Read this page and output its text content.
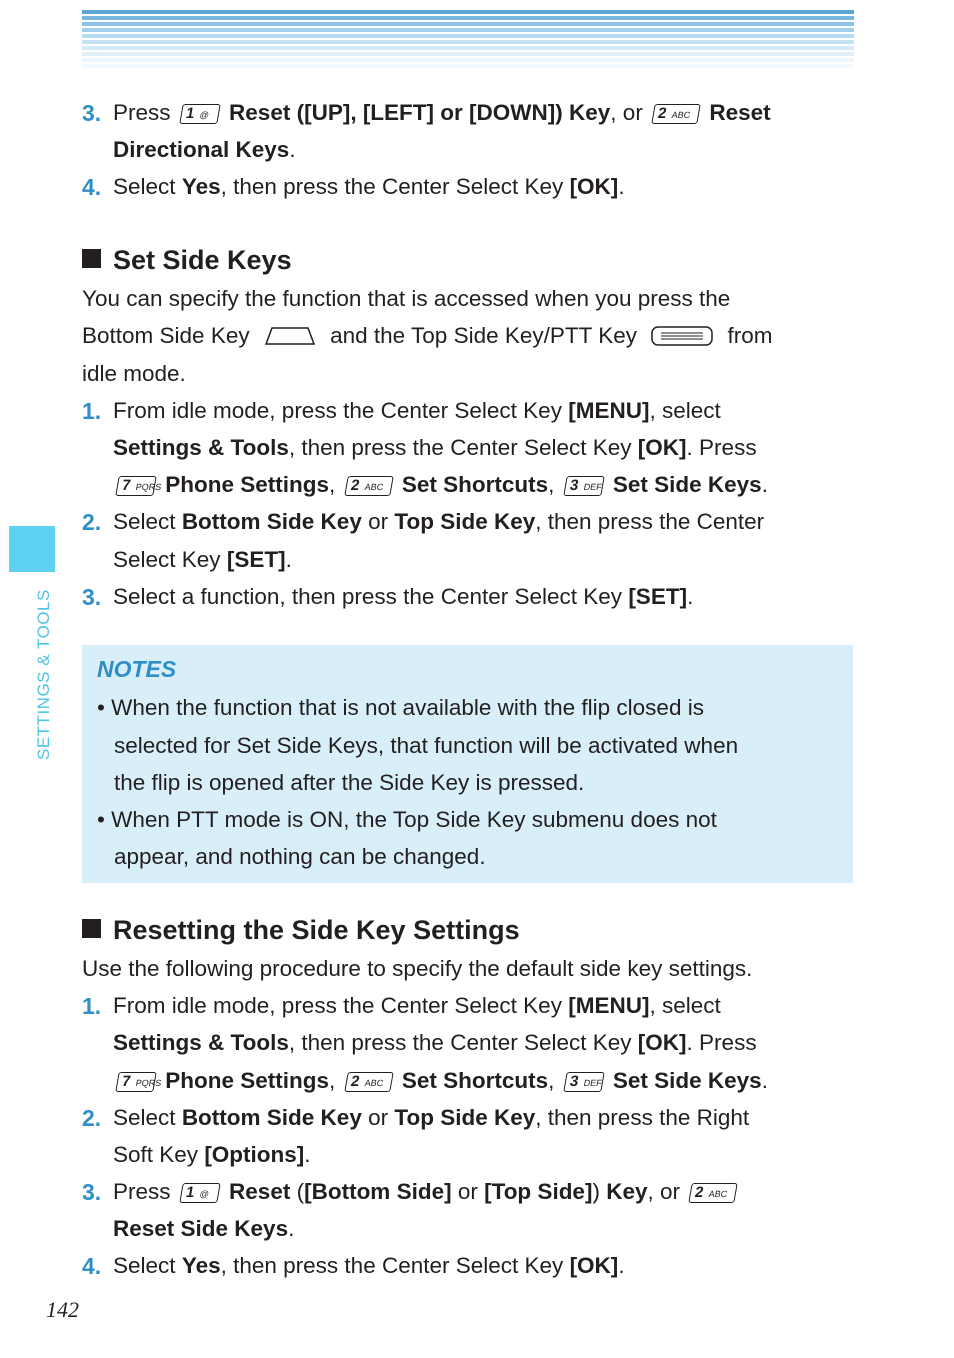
SETTINGS & TOOLS
3. Press 1 @ Reset ([UP], [LEFT] or [DOWN]) Key, or 2 ABC Reset
Directional Keys.
4. Select Yes, then press the Center Select Key [OK].
Set Side Keys
You can specify the function that is accessed when you press the
Bottom Side Key	and the Top Side Key/PTT Key	from
idle mode.
1. From idle mode, press the Center Select Key [MENU], select
Settings & Tools, then press the Center Select Key [OK]. Press
7 PQRS Phone Settings, 2 ABC Set Shortcuts, 3 DEF Set Side Keys.
2. Select Bottom Side Key or Top Side Key, then press the Center
Select Key [SET].
3. Select a function, then press the Center Select Key [SET].
NOTES
• When the function that is not available with the flip closed is
selected for Set Side Keys, that function will be activated when
the flip is opened after the Side Key is pressed.
• When PTT mode is ON, the Top Side Key submenu does not
appear, and nothing can be changed.
Resetting the Side Key Settings
Use the following procedure to specify the default side key settings.
1. From idle mode, press the Center Select Key [MENU], select
Settings & Tools, then press the Center Select Key [OK]. Press
7 PQRS Phone Settings, 2 ABC Set Shortcuts, 3 DEF Set Side Keys.
2. Select Bottom Side Key or Top Side Key, then press the Right
Soft Key [Options].
3. Press 1 @ Reset ([Bottom Side] or [Top Side]) Key, or 2 ABC
Reset Side Keys.
4. Select Yes, then press the Center Select Key [OK].
142
